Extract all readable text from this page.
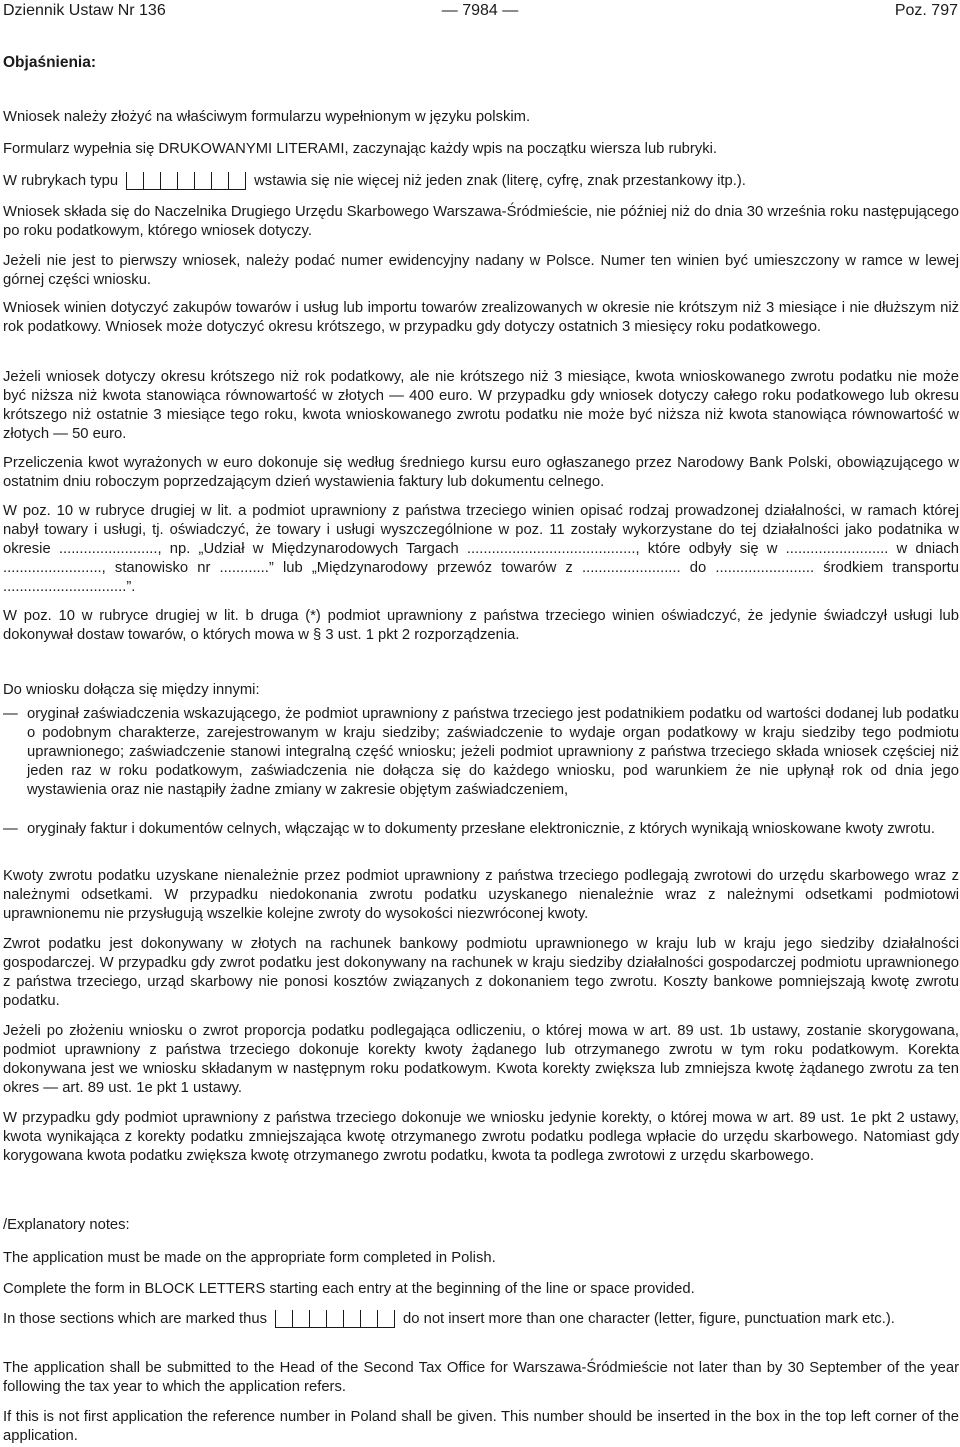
Dziennik Ustaw Nr 136	— 7984 —	Poz. 797
Objaśnienia:

Wniosek należy złożyć na właściwym formularzu wypełnionym w języku polskim.

Formularz wypełnia się DRUKOWANYMI LITERAMI, zaczynając każdy wpis na początku wiersza lub rubryki.

W rubrykach typu	wstawia się nie więcej niż jeden znak (literę, cyfrę, znak przestankowy itp.).

Wniosek składa się do Naczelnika Drugiego Urzędu Skarbowego Warszawa-Śródmieście, nie później niż do dnia 30 września roku następującego po roku podatkowym, którego wniosek dotyczy.

Jeżeli nie jest to pierwszy wniosek, należy podać numer ewidencyjny nadany w Polsce. Numer ten winien być umieszczony w ramce w lewej górnej części wniosku.

Wniosek winien dotyczyć zakupów towarów i usług lub importu towarów zrealizowanych w okresie nie krótszym niż 3 miesiące i nie dłuższym niż rok podatkowy. Wniosek może dotyczyć okresu krótszego, w przypadku gdy dotyczy ostatnich 3 miesięcy roku podatkowego.

Jeżeli wniosek dotyczy okresu krótszego niż rok podatkowy, ale nie krótszego niż 3 miesiące, kwota wnioskowanego zwrotu podatku nie może być niższa niż kwota stanowiąca równowartość w złotych — 400 euro. W przypadku gdy wniosek dotyczy całego roku podatkowego lub okresu krótszego niż ostatnie 3 miesiące tego roku, kwota wnioskowanego zwrotu podatku nie może być niższa niż kwota stanowiąca równowartość w złotych — 50 euro.

Przeliczenia kwot wyrażonych w euro dokonuje się według średniego kursu euro ogłaszanego przez Narodowy Bank Polski, obowiązującego w ostatnim dniu roboczym poprzedzającym dzień wystawienia faktury lub dokumentu celnego.

W poz. 10 w rubryce drugiej w lit. a podmiot uprawniony z państwa trzeciego winien opisać rodzaj prowadzonej działalności, w ramach której nabył towary i usługi, tj. oświadczyć, że towary i usługi wyszczególnione w poz. 11 zostały wykorzystane do tej działalności jako podatnika w okresie ........................, np. „Udział w Międzynarodowych Targach ........................................., które odbyły się w ......................... w dniach ........................, stanowisko nr ............” lub „Międzynarodowy przewóz towarów z ........................ do ........................ środkiem transportu ..............................”.

W poz. 10 w rubryce drugiej w lit. b druga (*) podmiot uprawniony z państwa trzeciego winien oświadczyć, że jedynie świadczył usługi lub dokonywał dostaw towarów, o których mowa w § 3 ust. 1 pkt 2 rozporządzenia.

Do wniosku dołącza się między innymi:

— oryginał zaświadczenia wskazującego, że podmiot uprawniony z państwa trzeciego jest podatnikiem podatku od wartości dodanej lub podatku o podobnym charakterze, zarejestrowanym w kraju siedziby; zaświadczenie to wydaje organ podatkowy w kraju siedziby tego podmiotu uprawnionego; zaświadczenie stanowi integralną część wniosku; jeżeli podmiot uprawniony z państwa trzeciego składa wniosek częściej niż jeden raz w roku podatkowym, zaświadczenia nie dołącza się do każdego wniosku, pod warunkiem że nie upłynął rok od dnia jego wystawienia oraz nie nastąpiły żadne zmiany w zakresie objętym zaświadczeniem,
— oryginały faktur i dokumentów celnych, włączając w to dokumenty przesłane elektronicznie, z których wynikają wnioskowane kwoty zwrotu.

Kwoty zwrotu podatku uzyskane nienależnie przez podmiot uprawniony z państwa trzeciego podlegają zwrotowi do urzędu skarbowego wraz z należnymi odsetkami. W przypadku niedokonania zwrotu podatku uzyskanego nienależnie wraz z należnymi odsetkami podmiotowi uprawnionemu nie przysługują wszelkie kolejne zwroty do wysokości niezwróconej kwoty.

Zwrot podatku jest dokonywany w złotych na rachunek bankowy podmiotu uprawnionego w kraju lub w kraju jego siedziby działalności gospodarczej. W przypadku gdy zwrot podatku jest dokonywany na rachunek w kraju siedziby działalności gospodarczej podmiotu uprawnionego z państwa trzeciego, urząd skarbowy nie ponosi kosztów związanych z dokonaniem tego zwrotu. Koszty bankowe pomniejszają kwotę zwrotu podatku.

Jeżeli po złożeniu wniosku o zwrot proporcja podatku podlegająca odliczeniu, o której mowa w art. 89 ust. 1b ustawy, zostanie skorygowana, podmiot uprawniony z państwa trzeciego dokonuje korekty kwoty żądanego lub otrzymanego zwrotu w tym roku podatkowym. Korekta dokonywana jest we wniosku składanym w następnym roku podatkowym. Kwota korekty zwiększa lub zmniejsza kwotę żądanego zwrotu za ten okres — art. 89 ust. 1e pkt 1 ustawy.

W przypadku gdy podmiot uprawniony z państwa trzeciego dokonuje we wniosku jedynie korekty, o której mowa w art. 89 ust. 1e pkt 2 ustawy, kwota wynikająca z korekty podatku zmniejszająca kwotę otrzymanego zwrotu podatku podlega wpłacie do urzędu skarbowego. Natomiast gdy korygowana kwota podatku zwiększa kwotę otrzymanego zwrotu podatku, kwota ta podlega zwrotowi z urzędu skarbowego.

/Explanatory notes:

The application must be made on the appropriate form completed in Polish.

Complete the form in BLOCK LETTERS starting each entry at the beginning of the line or space provided.

In those sections which are marked thus	do not insert more than one character (letter, figure, punctuation mark etc.).

The application shall be submitted to the Head of the Second Tax Office for Warszawa-Śródmieście not later than by 30 September of the year following the tax year to which the application refers.

If this is not first application the reference number in Poland shall be given. This number should be inserted in the box in the top left corner of the application.
